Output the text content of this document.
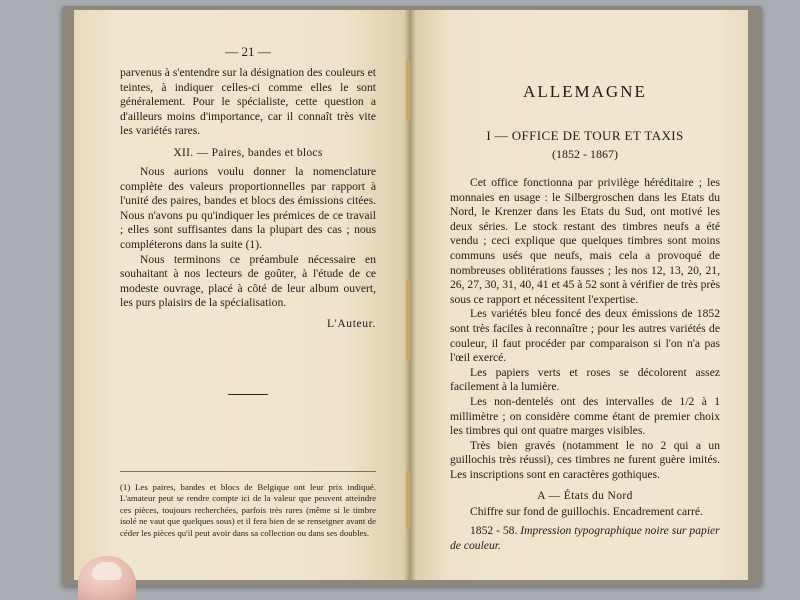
— 21 —

parvenus à s'entendre sur la désignation des couleurs et teintes, à indiquer celles-ci comme elles le sont généralement. Pour le spécialiste, cette question a d'ailleurs moins d'importance, car il connaît très vite les variétés rares.

XII. — Paires, bandes et blocs

Nous aurions voulu donner la nomenclature complète des valeurs proportionnelles par rapport à l'unité des paires, bandes et blocs des émissions citées. Nous n'avons pu qu'indiquer les prémices de ce travail ; elles sont suffisantes dans la plupart des cas ; nous compléterons dans la suite (1).

Nous terminons ce préambule nécessaire en souhaitant à nos lecteurs de goûter, à l'étude de ce modeste ouvrage, placé à côté de leur album ouvert, les purs plaisirs de la spécialisation.

L'Auteur.

(1) Les paires, bandes et blocs de Belgique ont leur prix indiqué. L'amateur peut se rendre compte ici de la valeur que peuvent atteindre ces pièces, toujours recherchées, parfois très rares (même si le timbre isolé ne vaut que quelques sous) et il fera bien de se renseigner avant de céder les pièces qu'il peut avoir dans sa collection ou dans ses doubles.

ALLEMAGNE
I — OFFICE DE TOUR ET TAXIS
(1852 - 1867)

Cet office fonctionna par privilège héréditaire ; les monnaies en usage : le Silbergroschen dans les Etats du Nord, le Krenzer dans les Etats du Sud, ont motivé les deux séries. Le stock restant des timbres neufs a été vendu ; ceci explique que quelques timbres sont moins communs usés que neufs, mais cela a provoqué de nombreuses oblitérations fausses ; les nos 12, 13, 20, 21, 26, 27, 30, 31, 40, 41 et 45 à 52 sont à vérifier de très près sous ce rapport et nécessitent l'expertise.

Les variétés bleu foncé des deux émissions de 1852 sont très faciles à reconnaître ; pour les autres variétés de couleur, il faut procéder par comparaison si l'on n'a pas l'œil exercé.

Les papiers verts et roses se décolorent assez facilement à la lumière.

Les non-dentelés ont des intervalles de 1/2 à 1 millimètre ; on considère comme étant de premier choix les timbres qui ont quatre marges visibles.

Très bien gravés (notamment le no 2 qui a un guillochis très réussi), ces timbres ne furent guère imités. Les inscriptions sont en caractères gothiques.

A — États du Nord

Chiffre sur fond de guillochis. Encadrement carré.

1852 - 58. Impression typographique noire sur papier de couleur.
